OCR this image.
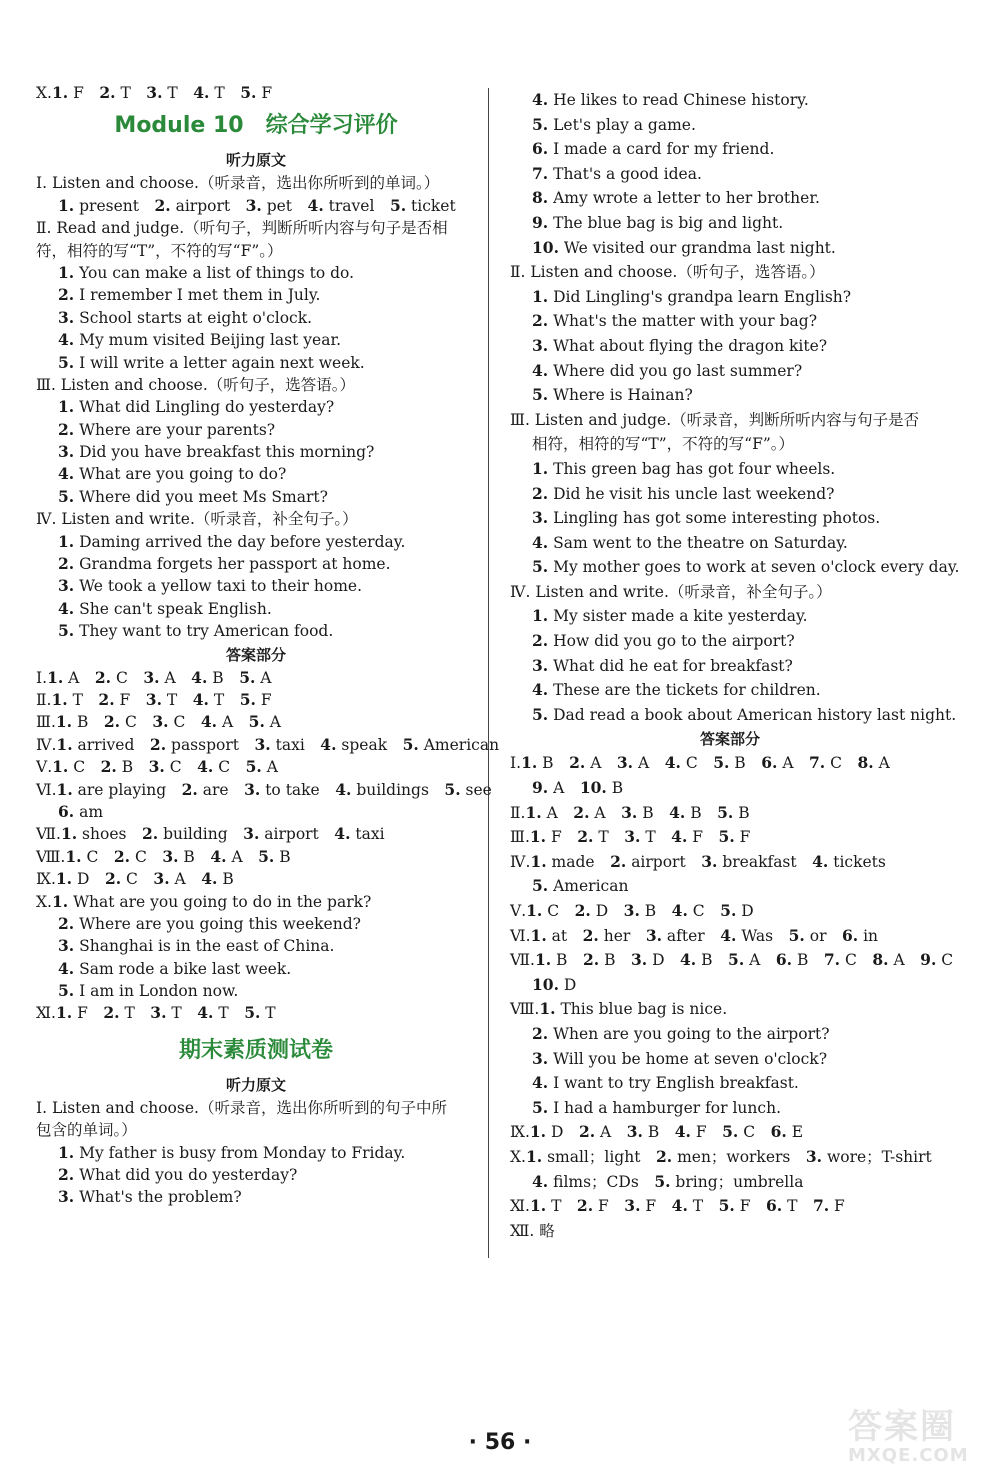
Ⅹ.1. F　2. T　3. T　4. T　5. F
Module 10　综合学习评价
听力原文
Ⅰ. Listen and choose.（听录音，选出你所听到的单词。）
1. present　2. airport　3. pet　4. travel　5. ticket
Ⅱ. Read and judge.（听句子，判断所听内容与句子是否相
符，相符的写“T”，不符的写“F”。）
1. You can make a list of things to do.
2. I remember I met them in July.
3. School starts at eight o'clock.
4. My mum visited Beijing last year.
5. I will write a letter again next week.
Ⅲ. Listen and choose.（听句子，选答语。）
1. What did Lingling do yesterday?
2. Where are your parents?
3. Did you have breakfast this morning?
4. What are you going to do?
5. Where did you meet Ms Smart?
Ⅳ. Listen and write.（听录音，补全句子。）
1. Daming arrived the day before yesterday.
2. Grandma forgets her passport at home.
3. We took a yellow taxi to their home.
4. She can't speak English.
5. They want to try American food.
答案部分
Ⅰ.1. A　2. C　3. A　4. B　5. A
Ⅱ.1. T　2. F　3. T　4. T　5. F
Ⅲ.1. B　2. C　3. C　4. A　5. A
Ⅳ.1. arrived　2. passport　3. taxi　4. speak　5. American
Ⅴ.1. C　2. B　3. C　4. C　5. A
Ⅵ.1. are playing　2. are　3. to take　4. buildings　5. see
6. am
Ⅶ.1. shoes　2. building　3. airport　4. taxi
Ⅷ.1. C　2. C　3. B　4. A　5. B
Ⅸ.1. D　2. C　3. A　4. B
Ⅹ.1. What are you going to do in the park?
2. Where are you going this weekend?
3. Shanghai is in the east of China.
4. Sam rode a bike last week.
5. I am in London now.
Ⅺ.1. F　2. T　3. T　4. T　5. T
期末素质测试卷
听力原文
Ⅰ. Listen and choose.（听录音，选出你所听到的句子中所
包含的单词。）
1. My father is busy from Monday to Friday.
2. What did you do yesterday?
3. What's the problem?
4. He likes to read Chinese history.
5. Let's play a game.
6. I made a card for my friend.
7. That's a good idea.
8. Amy wrote a letter to her brother.
9. The blue bag is big and light.
10. We visited our grandma last night.
Ⅱ. Listen and choose.（听句子，选答语。）
1. Did Lingling's grandpa learn English?
2. What's the matter with your bag?
3. What about flying the dragon kite?
4. Where did you go last summer?
5. Where is Hainan?
Ⅲ. Listen and judge.（听录音，判断所听内容与句子是否
相符，相符的写“T”，不符的写“F”。）
1. This green bag has got four wheels.
2. Did he visit his uncle last weekend?
3. Lingling has got some interesting photos.
4. Sam went to the theatre on Saturday.
5. My mother goes to work at seven o'clock every day.
Ⅳ. Listen and write.（听录音，补全句子。）
1. My sister made a kite yesterday.
2. How did you go to the airport?
3. What did he eat for breakfast?
4. These are the tickets for children.
5. Dad read a book about American history last night.
答案部分
Ⅰ.1. B　2. A　3. A　4. C　5. B　6. A　7. C　8. A
9. A　10. B
Ⅱ.1. A　2. A　3. B　4. B　5. B
Ⅲ.1. F　2. T　3. T　4. F　5. F
Ⅳ.1. made　2. airport　3. breakfast　4. tickets
5. American
Ⅴ.1. C　2. D　3. B　4. C　5. D
Ⅵ.1. at　2. her　3. after　4. Was　5. or　6. in
Ⅶ.1. B　2. B　3. D　4. B　5. A　6. B　7. C　8. A　9. C
10. D
Ⅷ.1. This blue bag is nice.
2. When are you going to the airport?
3. Will you be home at seven o'clock?
4. I want to try English breakfast.
5. I had a hamburger for lunch.
Ⅸ.1. D　2. A　3. B　4. F　5. C　6. E
Ⅹ.1. small；light　2. men；workers　3. wore；T-shirt
4. films；CDs　5. bring；umbrella
Ⅺ.1. T　2. F　3. F　4. T　5. F　6. T　7. F
Ⅻ. 略
· 56 ·	答案圈
MXQE.COM
